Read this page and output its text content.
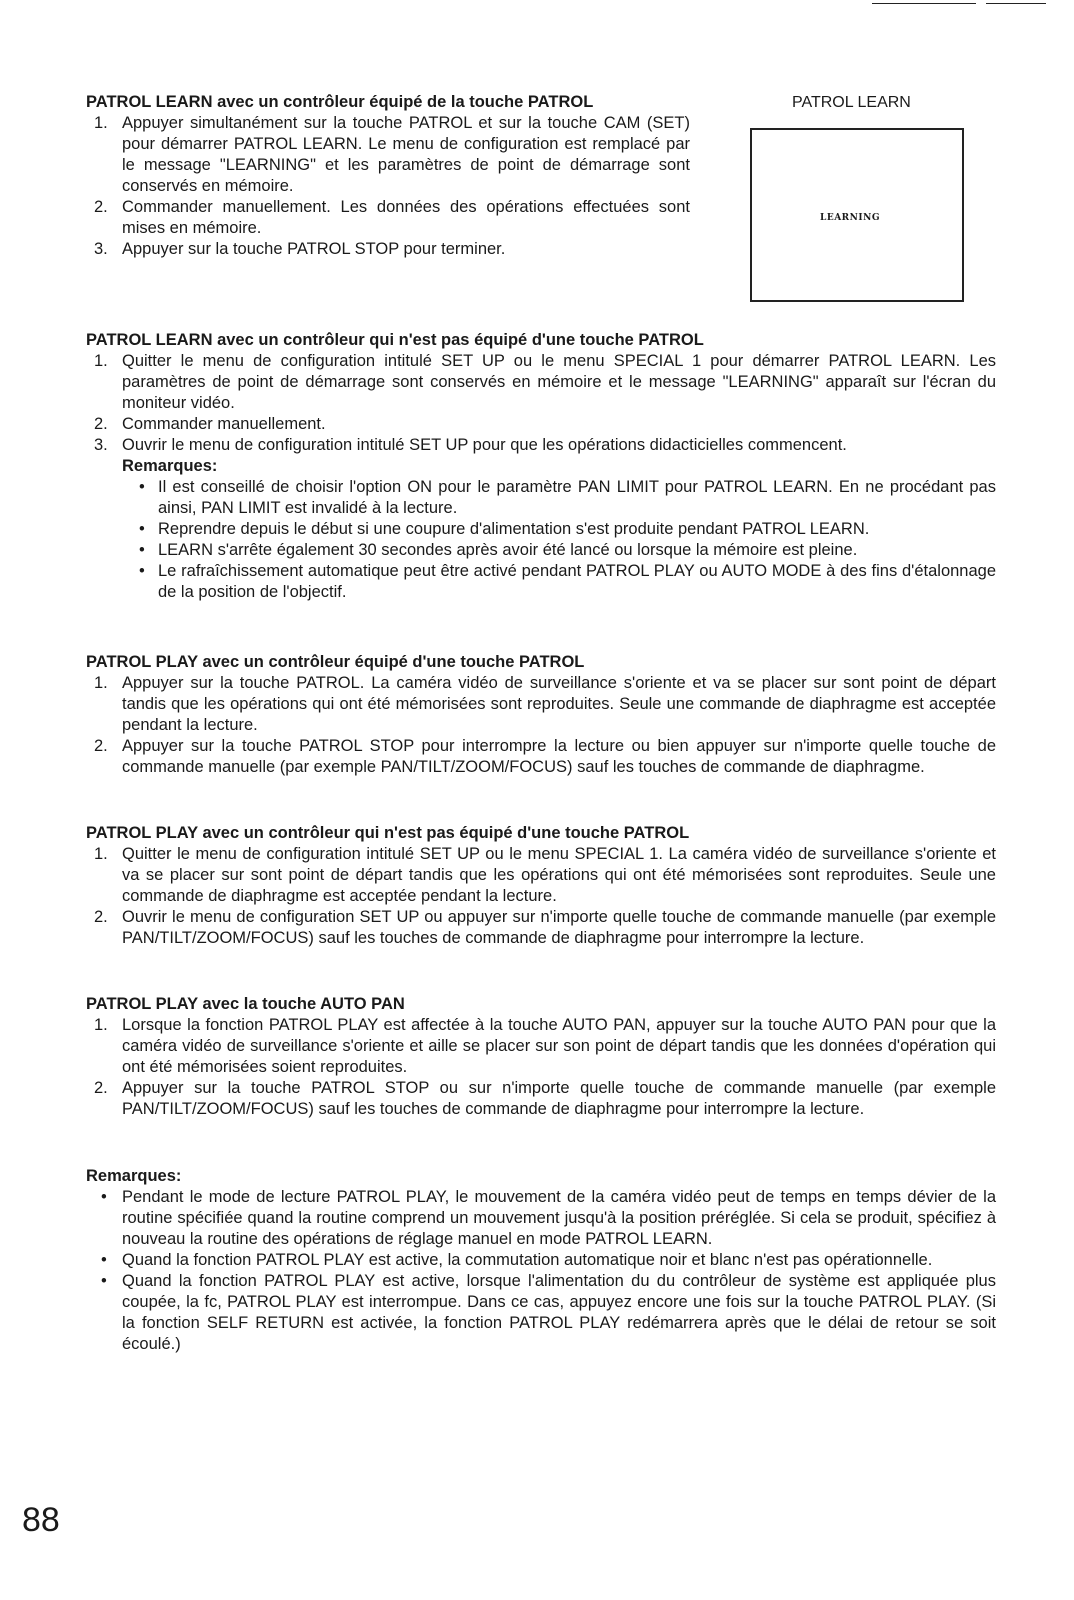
PATROL LEARN avec un contrôleur équipé de la touche PATROL
1. Appuyer simultanément sur la touche PATROL et sur la touche CAM (SET) pour démarrer PATROL LEARN. Le menu de configuration est remplacé par le message "LEARNING" et les paramètres de point de démarrage sont conservés en mémoire.
2. Commander manuellement. Les données des opérations effectuées sont mises en mémoire.
3. Appuyer sur la touche PATROL STOP pour terminer.
PATROL LEARN
LEARNING
PATROL LEARN avec un contrôleur qui n'est pas équipé d'une touche PATROL
1. Quitter le menu de configuration intitulé SET UP ou le menu SPECIAL 1 pour démarrer PATROL LEARN. Les paramètres de point de démarrage sont conservés en mémoire et le message "LEARNING" apparaît sur l'écran du moniteur vidéo.
2. Commander manuellement.
3. Ouvrir le menu de configuration intitulé SET UP pour que les opérations didacticielles commencent.
Remarques:
• Il est conseillé de choisir l'option ON pour le paramètre PAN LIMIT pour PATROL LEARN. En ne procédant pas ainsi, PAN LIMIT est invalidé à la lecture.
• Reprendre depuis le début si une coupure d'alimentation s'est produite pendant PATROL LEARN.
• LEARN s'arrête également 30 secondes après avoir été lancé ou lorsque la mémoire est pleine.
• Le rafraîchissement automatique peut être activé pendant PATROL PLAY ou AUTO MODE à des fins d'étalonnage de la position de l'objectif.
PATROL PLAY avec un contrôleur équipé d'une touche PATROL
1. Appuyer sur la touche PATROL. La caméra vidéo de surveillance s'oriente et va se placer sur sont point de départ tandis que les opérations qui ont été mémorisées sont reproduites. Seule une commande de diaphragme est acceptée pendant la lecture.
2. Appuyer sur la touche PATROL STOP pour interrompre la lecture ou bien appuyer sur n'importe quelle touche de commande manuelle (par exemple PAN/TILT/ZOOM/FOCUS) sauf les touches de commande de diaphragme.
PATROL PLAY avec un contrôleur qui n'est pas équipé d'une touche PATROL
1. Quitter le menu de configuration intitulé SET UP ou le menu SPECIAL 1. La caméra vidéo de surveillance s'oriente et va se placer sur sont point de départ tandis que les opérations qui ont été mémorisées sont reproduites. Seule une commande de diaphragme est acceptée pendant la lecture.
2. Ouvrir le menu de configuration SET UP ou appuyer sur n'importe quelle touche de commande manuelle (par exemple PAN/TILT/ZOOM/FOCUS) sauf les touches de commande de diaphragme pour interrompre la lecture.
PATROL PLAY avec la touche AUTO PAN
1. Lorsque la fonction PATROL PLAY est affectée à la touche AUTO PAN, appuyer sur la touche AUTO PAN pour que la caméra vidéo de surveillance s'oriente et aille se placer sur son point de départ tandis que les données d'opération qui ont été mémorisées soient reproduites.
2. Appuyer sur la touche PATROL STOP ou sur n'importe quelle touche de commande manuelle (par exemple PAN/TILT/ZOOM/FOCUS) sauf les touches de commande de diaphragme pour interrompre la lecture.
Remarques:
• Pendant le mode de lecture PATROL PLAY, le mouvement de la caméra vidéo peut de temps en temps dévier de la routine spécifiée quand la routine comprend un mouvement jusqu'à la position préréglée. Si cela se produit, spécifiez à nouveau la routine des opérations de réglage manuel en mode PATROL LEARN.
• Quand la fonction PATROL PLAY est active, la commutation automatique noir et blanc n'est pas opérationnelle.
• Quand la fonction PATROL PLAY est active, lorsque l'alimentation du du contrôleur de système est appliquée plus coupée, la fc, PATROL PLAY est interrompue. Dans ce cas, appuyez encore une fois sur la touche PATROL PLAY. (Si la fonction SELF RETURN est activée, la fonction PATROL PLAY redémarrera après que le délai de retour se soit écoulé.)
88
